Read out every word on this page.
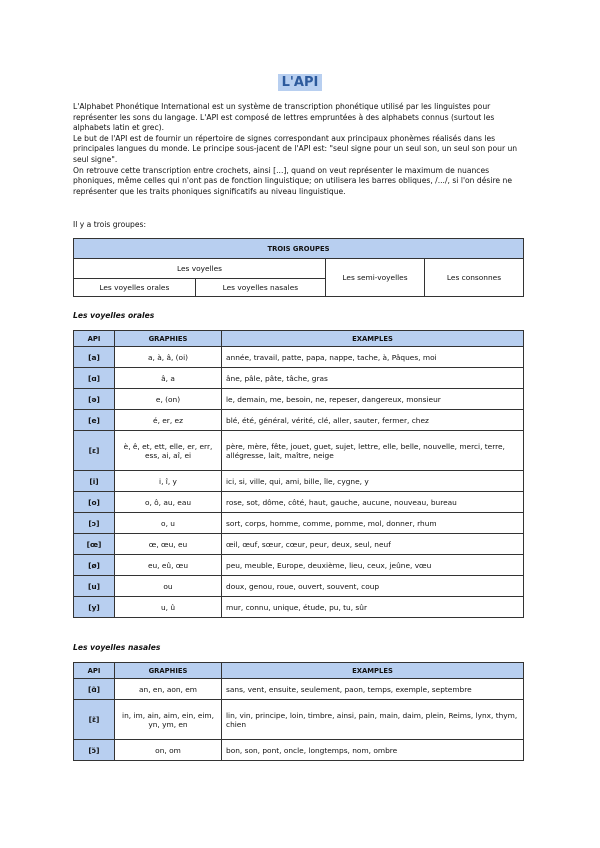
L'API

L'Alphabet Phonétique International est un système de transcription phonétique utilisé par les linguistes pour représenter les sons du langage. L'API est composé de lettres empruntées à des alphabets connus (surtout les alphabets latin et grec).

Le but de l'API est de fournir un répertoire de signes correspondant aux principaux phonèmes réalisés dans les principales langues du monde. Le principe sous-jacent de l'API est: "seul signe pour un seul son, un seul son pour un seul signe".

On retrouve cette transcription entre crochets, ainsi [...], quand on veut représenter le maximum de nuances phoniques, même celles qui n'ont pas de fonction linguistique; on utilisera les barres obliques, /.../, si l'on désire ne représenter que les traits phoniques significatifs au niveau linguistique.

Il y a trois groupes:
TROIS GROUPES			
Les voyelles		Les semi-voyelles	Les consonnes
Les voyelles orales	Les voyelles nasales		
Les voyelles orales
API	GRAPHIES	EXAMPLES
[a]	a, à, â, (oi)	année, travail, patte, papa, nappe, tache, à, Pâques, moi
[ɑ]	â, a	âne, pâle, pâte, tâche, gras
[ə]	e, (on)	le, demain, me, besoin, ne, repeser, dangereux, monsieur
[e]	é, er, ez	blé, été, général, vérité, clé, aller, sauter, fermer, chez
[ɛ]	è, ê, et, ett, elle, er, err, ess, ai, aî, ei	père, mère, fête, jouet, guet, sujet, lettre, elle, belle, nouvelle, merci, terre, allégresse, lait, maître, neige
[i]	i, î, y	ici, si, ville, qui, ami, bille, île, cygne, y
[o]	o, ô, au, eau	rose, sot, dôme, côté, haut, gauche, aucune, nouveau, bureau
[ɔ]	o, u	sort, corps, homme, comme, pomme, mol, donner, rhum
[œ]	œ, œu, eu	œil, œuf, sœur, cœur, peur, deux, seul, neuf
[ø]	eu, eû, œu	peu, meuble, Europe, deuxième, lieu, ceux, jeûne, vœu
[u]	ou	doux, genou, roue, ouvert, souvent, coup
[y]	u, û	mur, connu, unique, étude, pu, tu, sûr
Les voyelles nasales
API	GRAPHIES	EXAMPLES
[ɑ̃]	an, en, aon, em	sans, vent, ensuite, seulement, paon, temps, exemple, septembre
[ɛ̃]	in, im, ain, aim, ein, eim, yn, ym, en	lin, vin, principe, loin, timbre, ainsi, pain, main, daim, plein, Reims, lynx, thym, chien
[ɔ̃]	on, om	bon, son, pont, oncle, longtemps, nom, ombre
